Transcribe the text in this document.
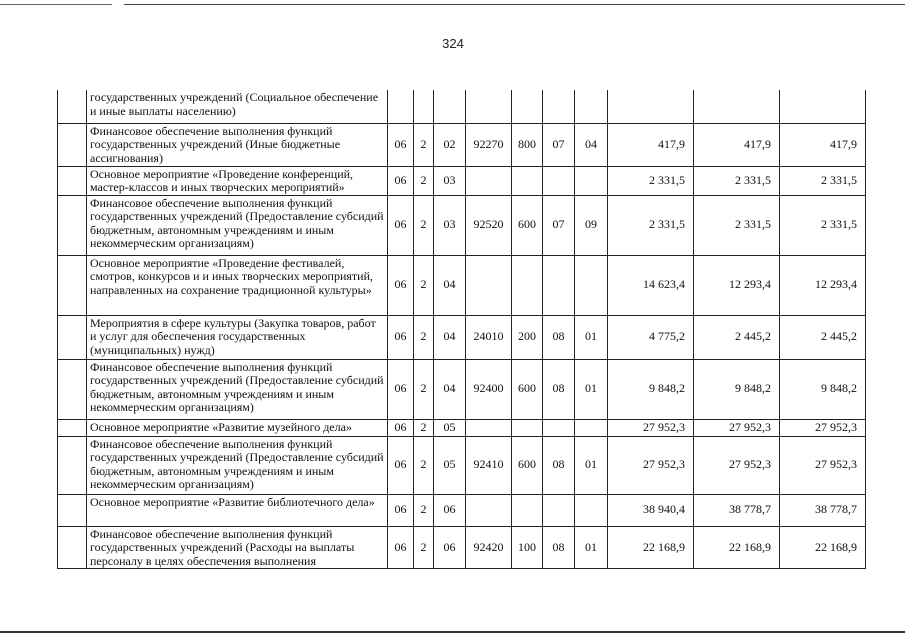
324
	государственных учреждений (Социальное обеспечение и иные выплаты населению)										
	Финансовое обеспечение выполнения функций государственных учреждений (Иные бюджетные ассигнования)	06	2	02	92270	800	07	04	417,9	417,9	417,9
	Основное мероприятие «Проведение конференций, мастер-классов и иных творческих мероприятий»	06	2	03					2 331,5	2 331,5	2 331,5
	Финансовое обеспечение выполнения функций государственных учреждений (Предоставление субсидий бюджетным, автономным учреждениям и иным некоммерческим организациям)	06	2	03	92520	600	07	09	2 331,5	2 331,5	2 331,5
	Основное мероприятие «Проведение фестивалей, смотров, конкурсов и и иных творческих мероприятий, направленных на сохранение традиционной культуры»	06	2	04					14 623,4	12 293,4	12 293,4
	Мероприятия в сфере культуры (Закупка товаров, работ и услуг для обеспечения государственных (муниципальных) нужд)	06	2	04	24010	200	08	01	4 775,2	2 445,2	2 445,2
	Финансовое обеспечение выполнения функций государственных учреждений (Предоставление субсидий бюджетным, автономным учреждениям и иным некоммерческим организациям)	06	2	04	92400	600	08	01	9 848,2	9 848,2	9 848,2
	Основное мероприятие «Развитие музейного дела»	06	2	05					27 952,3	27 952,3	27 952,3
	Финансовое обеспечение выполнения функций государственных учреждений (Предоставление субсидий бюджетным, автономным учреждениям и иным некоммерческим организациям)	06	2	05	92410	600	08	01	27 952,3	27 952,3	27 952,3
	Основное мероприятие «Развитие библиотечного дела»	06	2	06					38 940,4	38 778,7	38 778,7
	Финансовое обеспечение выполнения функций государственных учреждений (Расходы на выплаты персоналу в целях обеспечения выполнения	06	2	06	92420	100	08	01	22 168,9	22 168,9	22 168,9
